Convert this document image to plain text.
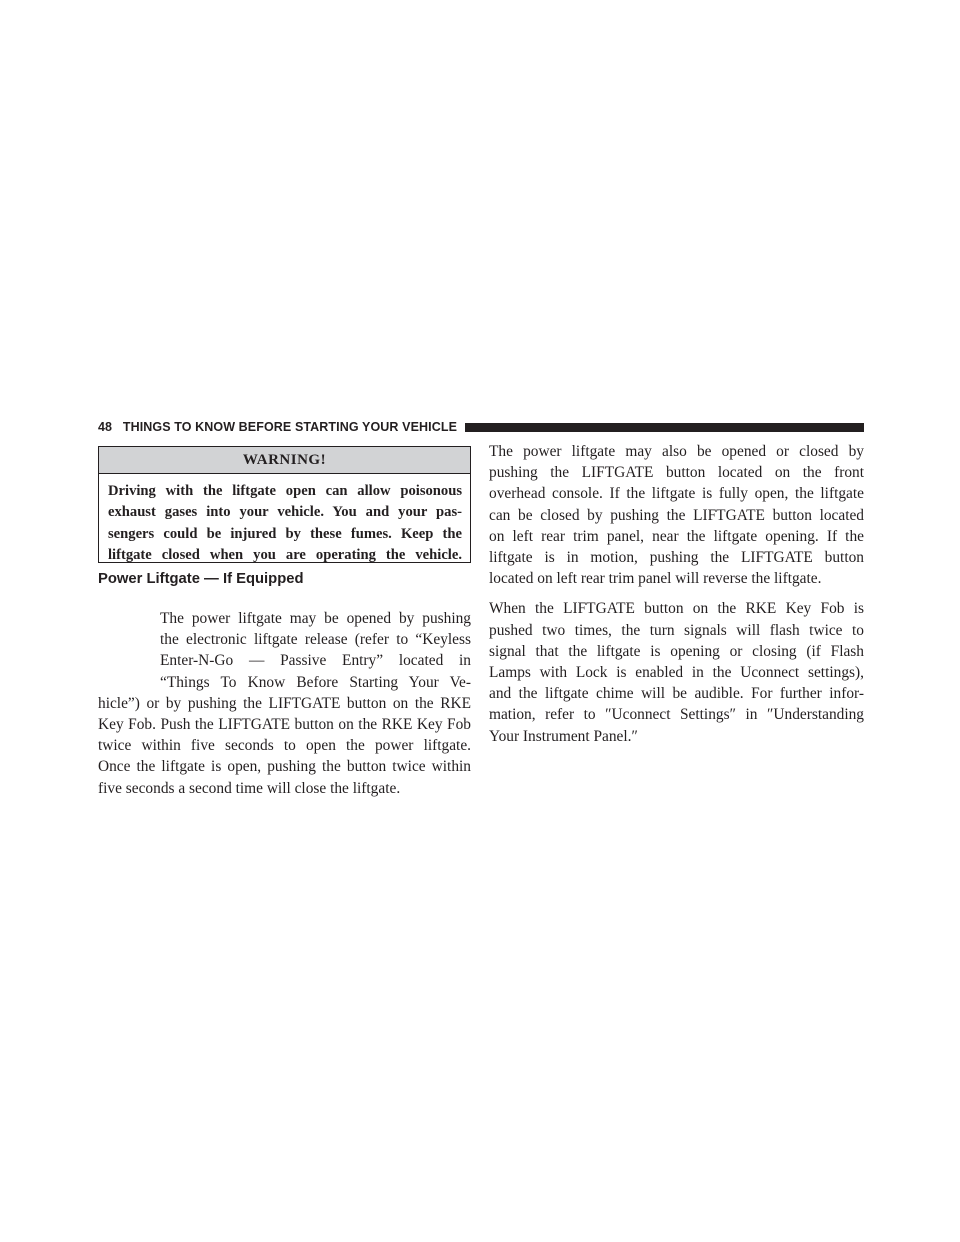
48 THINGS TO KNOW BEFORE STARTING YOUR VEHICLE
WARNING!
Driving with the liftgate open can allow poisonous
exhaust gases into your vehicle. You and your pas-
sengers could be injured by these fumes. Keep the
liftgate closed when you are operating the vehicle.
Power Liftgate — If Equipped
The power liftgate may be opened by pushing
the electronic liftgate release (refer to “Keyless
Enter-N-Go — Passive Entry” located in
“Things To Know Before Starting Your Ve-
hicle”) or by pushing the LIFTGATE button on the RKE
Key Fob. Push the LIFTGATE button on the RKE Key Fob
twice within five seconds to open the power liftgate.
Once the liftgate is open, pushing the button twice within
five seconds a second time will close the liftgate.

The power liftgate may also be opened or closed by
pushing the LIFTGATE button located on the front
overhead console. If the liftgate is fully open, the liftgate
can be closed by pushing the LIFTGATE button located
on left rear trim panel, near the liftgate opening. If the
liftgate is in motion, pushing the LIFTGATE button
located on left rear trim panel will reverse the liftgate.

When the LIFTGATE button on the RKE Key Fob is
pushed two times, the turn signals will flash twice to
signal that the liftgate is opening or closing (if Flash
Lamps with Lock is enabled in the Uconnect settings),
and the liftgate chime will be audible. For further infor-
mation, refer to ″Uconnect Settings″ in ″Understanding
Your Instrument Panel.″
